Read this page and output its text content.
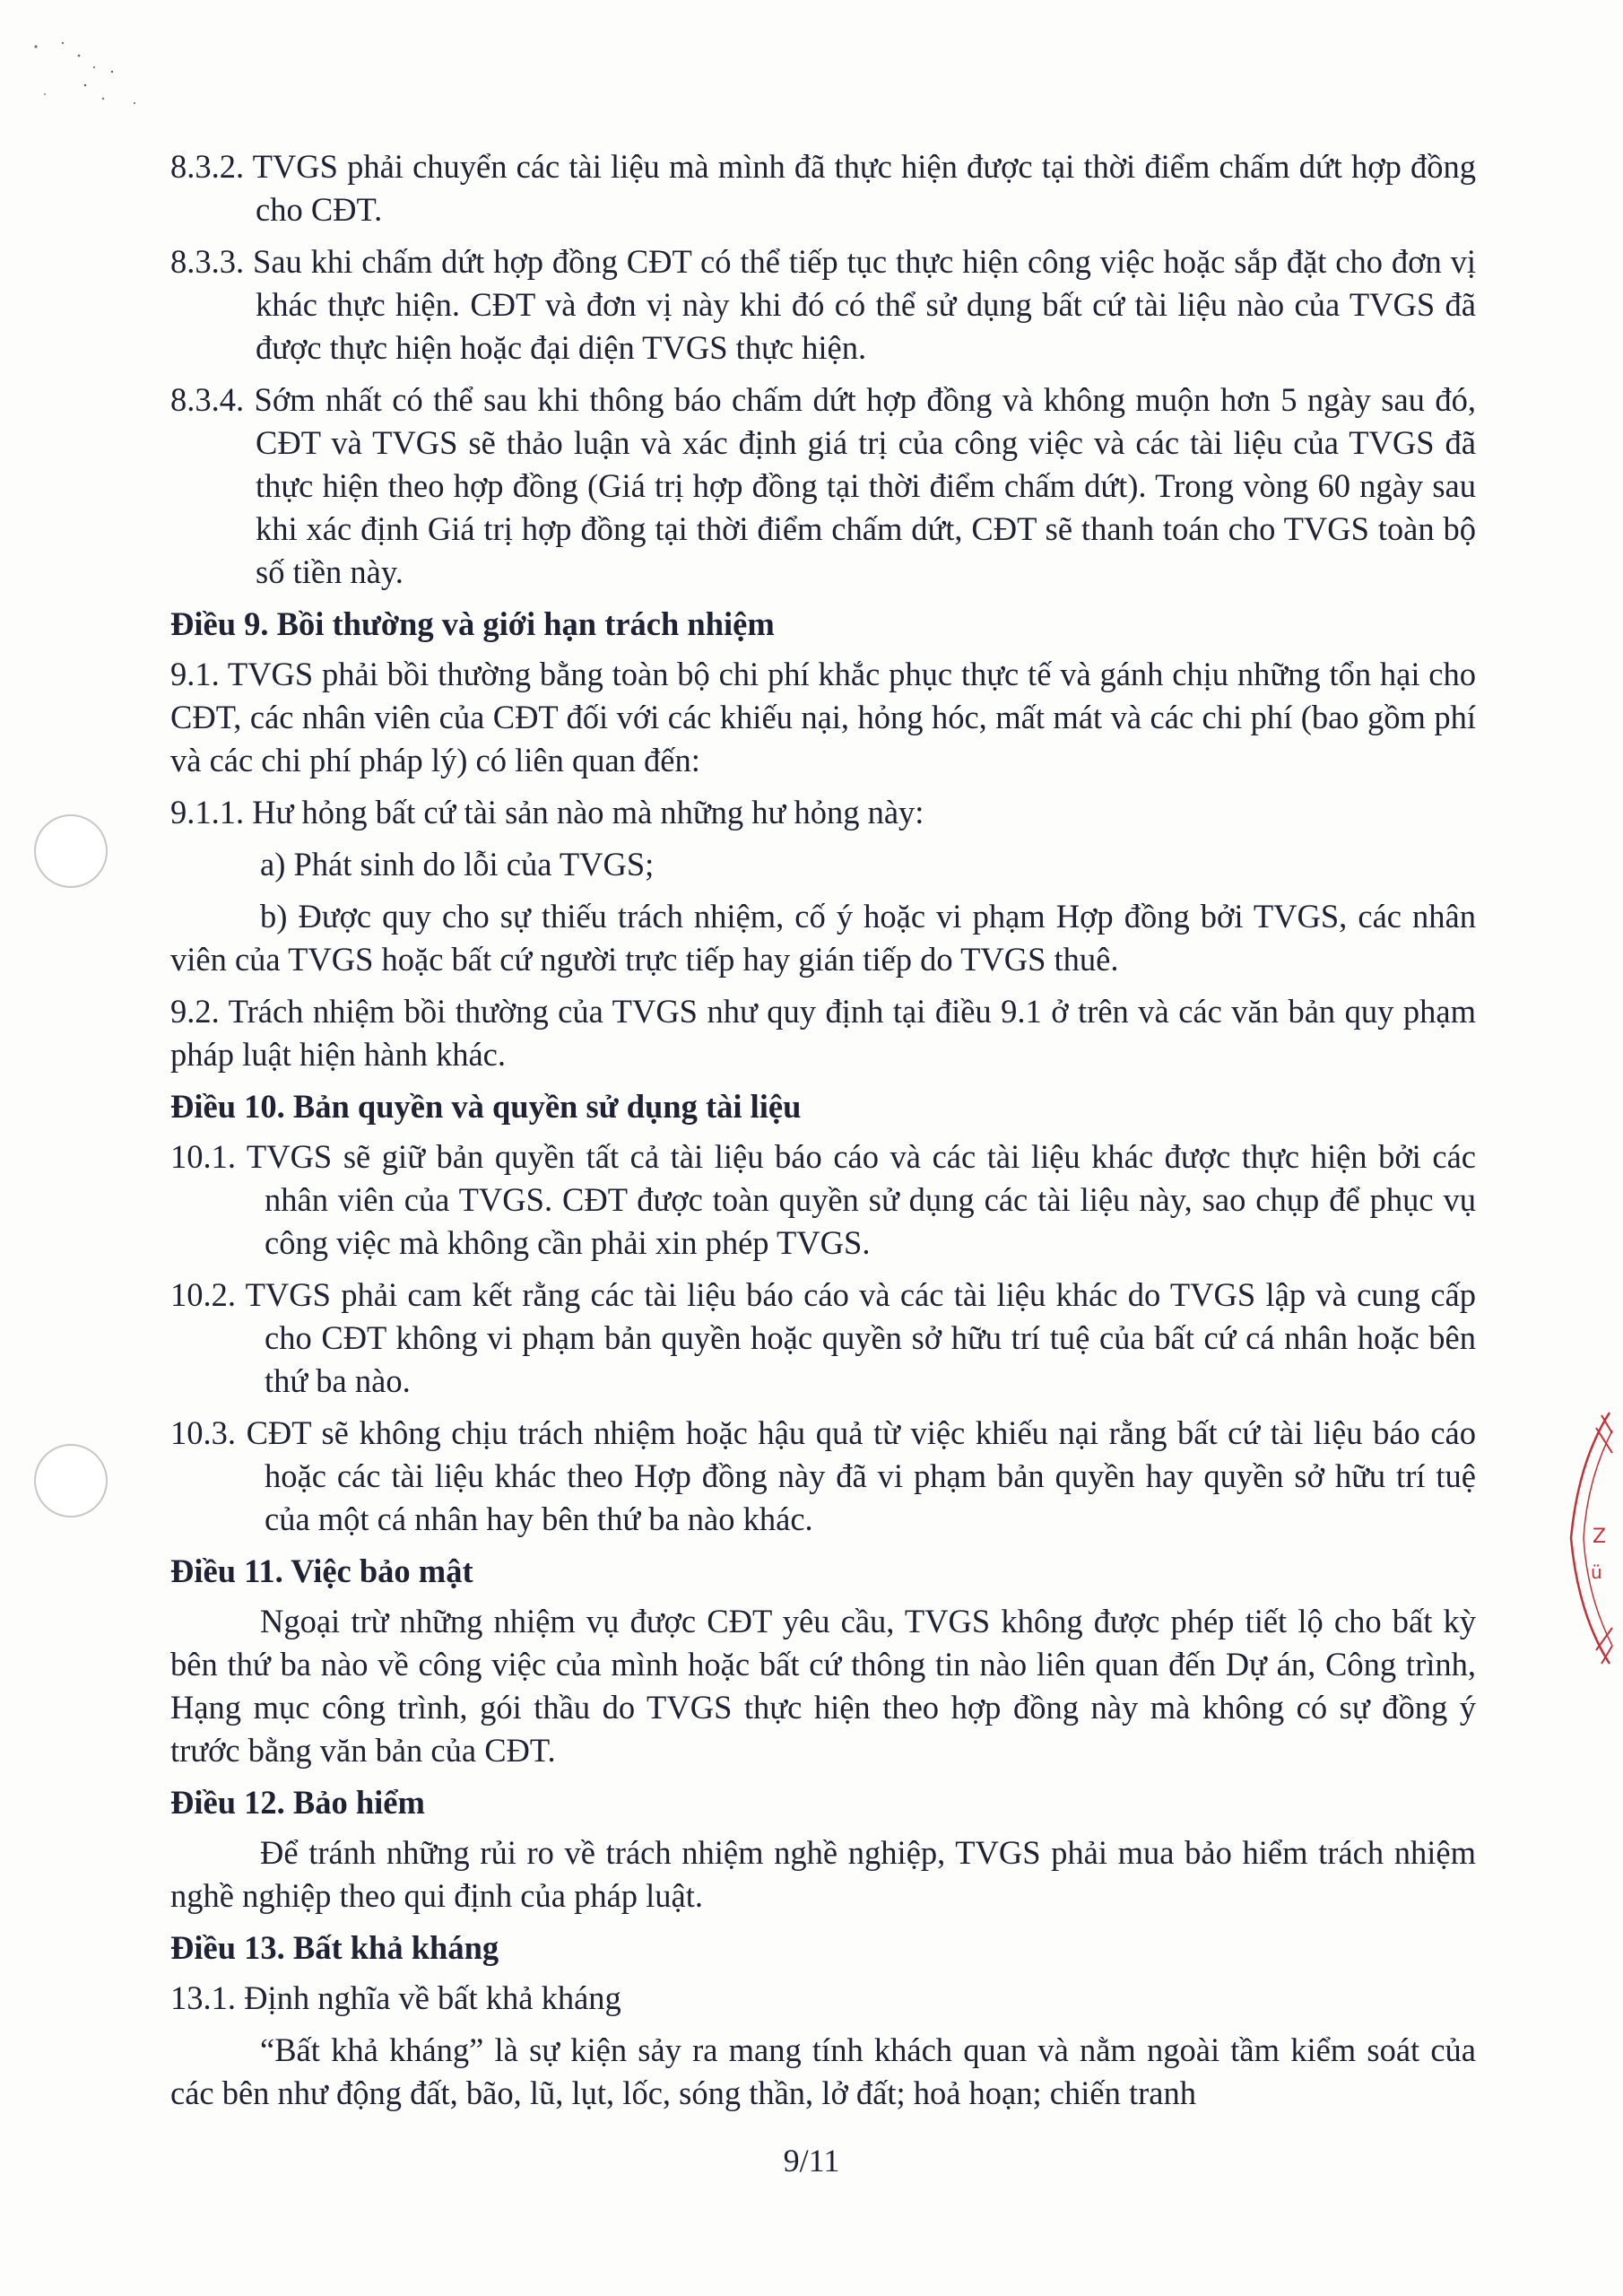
Z
ü

8.3.2. TVGS phải chuyển các tài liệu mà mình đã thực hiện được tại thời điểm chấm dứt hợp đồng cho CĐT.

8.3.3. Sau khi chấm dứt hợp đồng CĐT có thể tiếp tục thực hiện công việc hoặc sắp đặt cho đơn vị khác thực hiện. CĐT và đơn vị này khi đó có thể sử dụng bất cứ tài liệu nào của TVGS đã được thực hiện hoặc đại diện TVGS thực hiện.

8.3.4. Sớm nhất có thể sau khi thông báo chấm dứt hợp đồng và không muộn hơn 5 ngày sau đó, CĐT và TVGS sẽ thảo luận và xác định giá trị của công việc và các tài liệu của TVGS đã thực hiện theo hợp đồng (Giá trị hợp đồng tại thời điểm chấm dứt). Trong vòng 60 ngày sau khi xác định Giá trị hợp đồng tại thời điểm chấm dứt, CĐT sẽ thanh toán cho TVGS toàn bộ số tiền này.

Điều 9. Bồi thường và giới hạn trách nhiệm

9.1. TVGS phải bồi thường bằng toàn bộ chi phí khắc phục thực tế và gánh chịu những tổn hại cho CĐT, các nhân viên của CĐT đối với các khiếu nại, hỏng hóc, mất mát và các chi phí (bao gồm phí và các chi phí pháp lý) có liên quan đến:

9.1.1. Hư hỏng bất cứ tài sản nào mà những hư hỏng này:

a) Phát sinh do lỗi của TVGS;

b) Được quy cho sự thiếu trách nhiệm, cố ý hoặc vi phạm Hợp đồng bởi TVGS, các nhân viên của TVGS hoặc bất cứ người trực tiếp hay gián tiếp do TVGS thuê.

9.2. Trách nhiệm bồi thường của TVGS như quy định tại điều 9.1 ở trên và các văn bản quy phạm pháp luật hiện hành khác.

Điều 10. Bản quyền và quyền sử dụng tài liệu

10.1. TVGS sẽ giữ bản quyền tất cả tài liệu báo cáo và các tài liệu khác được thực hiện bởi các nhân viên của TVGS. CĐT được toàn quyền sử dụng các tài liệu này, sao chụp để phục vụ công việc mà không cần phải xin phép TVGS.

10.2. TVGS phải cam kết rằng các tài liệu báo cáo và các tài liệu khác do TVGS lập và cung cấp cho CĐT không vi phạm bản quyền hoặc quyền sở hữu trí tuệ của bất cứ cá nhân hoặc bên thứ ba nào.

10.3. CĐT sẽ không chịu trách nhiệm hoặc hậu quả từ việc khiếu nại rằng bất cứ tài liệu báo cáo hoặc các tài liệu khác theo Hợp đồng này đã vi phạm bản quyền hay quyền sở hữu trí tuệ của một cá nhân hay bên thứ ba nào khác.

Điều 11. Việc bảo mật

Ngoại trừ những nhiệm vụ được CĐT yêu cầu, TVGS không được phép tiết lộ cho bất kỳ bên thứ ba nào về công việc của mình hoặc bất cứ thông tin nào liên quan đến Dự án, Công trình, Hạng mục công trình, gói thầu do TVGS thực hiện theo hợp đồng này mà không có sự đồng ý trước bằng văn bản của CĐT.

Điều 12. Bảo hiểm

Để tránh những rủi ro về trách nhiệm nghề nghiệp, TVGS phải mua bảo hiểm trách nhiệm nghề nghiệp theo qui định của pháp luật.

Điều 13. Bất khả kháng

13.1. Định nghĩa về bất khả kháng

“Bất khả kháng” là sự kiện sảy ra mang tính khách quan và nằm ngoài tầm kiểm soát của các bên như động đất, bão, lũ, lụt, lốc, sóng thần, lở đất; hoả hoạn; chiến tranh

9/11
